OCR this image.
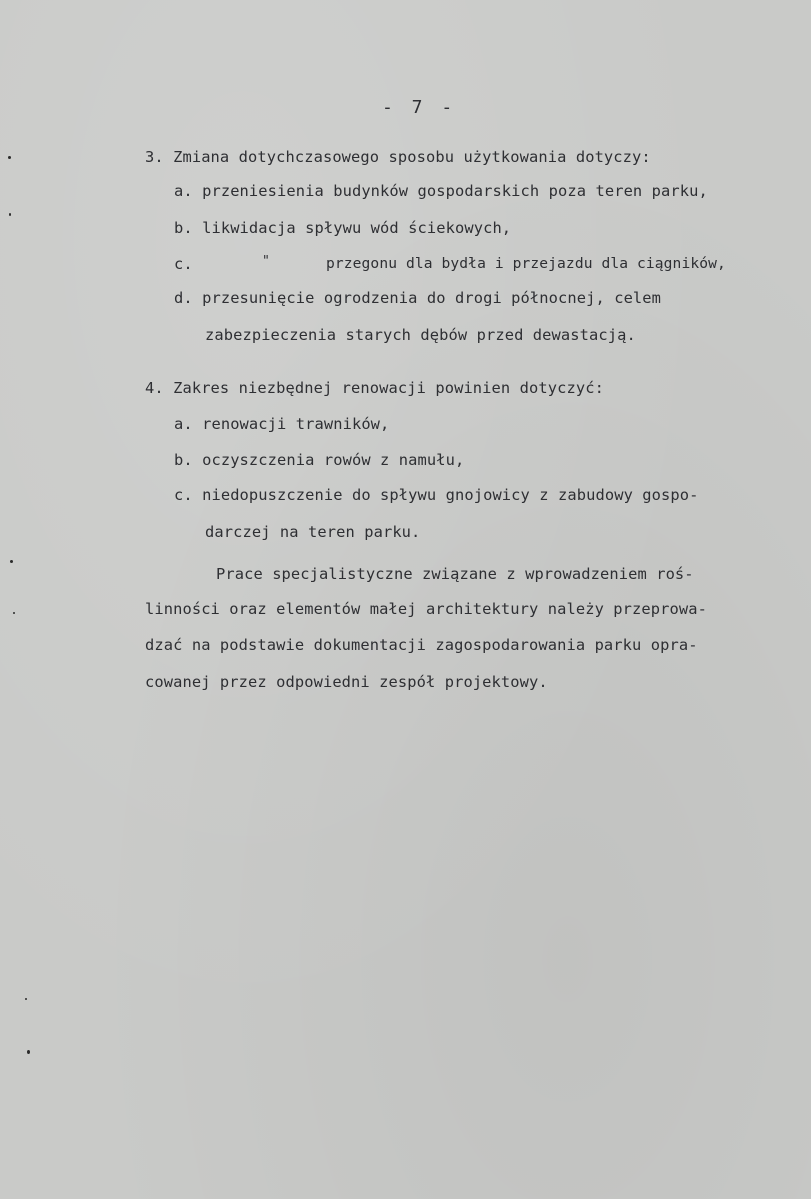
- 7 -
3. Zmiana dotychczasowego sposobu użytkowania dotyczy:
a. przeniesienia budynków gospodarskich poza teren parku,
b. likwidacja spływu wód ściekowych,
c.	"	przegonu dla bydła i przejazdu dla ciągników,
d. przesunięcie ogrodzenia do drogi północnej, celem
zabezpieczenia starych dębów przed dewastacją.
4. Zakres niezbędnej renowacji powinien dotyczyć:
a. renowacji trawników,
b. oczyszczenia rowów z namułu,
c. niedopuszczenie do spływu gnojowicy z zabudowy gospo-
darczej na teren parku.
Prace specjalistyczne związane z wprowadzeniem roś-
linności oraz elementów małej architektury należy przeprowa-
dzać na podstawie dokumentacji zagospodarowania parku opra-
cowanej przez odpowiedni zespół projektowy.
